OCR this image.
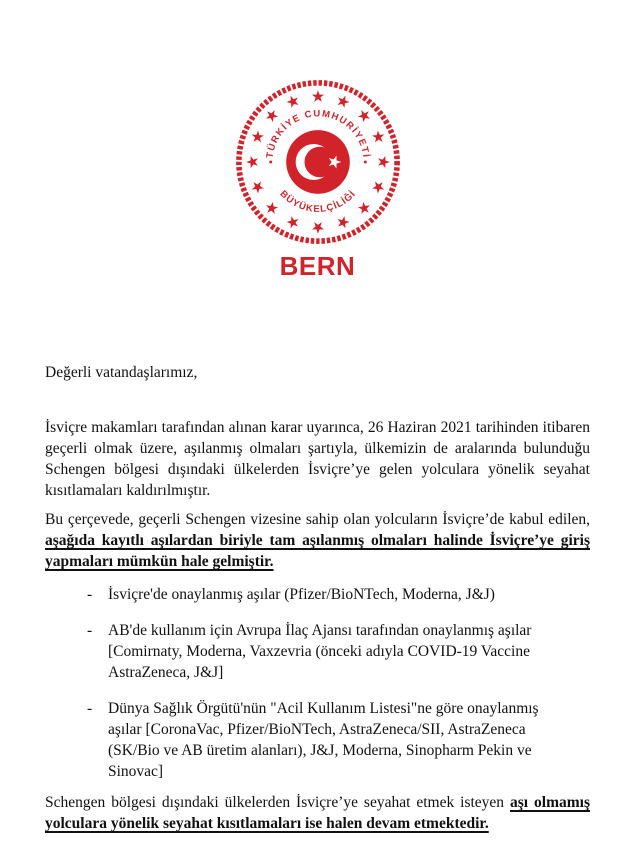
TÜRKİYE CUMHURİYETİ
BÜYÜKELÇİLİĞİ
BERN

Değerli vatandaşlarımız,

İsviçre makamları tarafından alınan karar uyarınca, 26 Haziran 2021 tarihinden itibaren geçerli olmak üzere, aşılanmış olmaları şartıyla, ülkemizin de aralarında bulunduğu Schengen bölgesi dışındaki ülkelerden İsviçre’ye gelen yolculara yönelik seyahat kısıtlamaları kaldırılmıştır.

Bu çerçevede, geçerli Schengen vizesine sahip olan yolcuların İsviçre’de kabul edilen, aşağıda kayıtlı aşılardan biriyle tam aşılanmış olmaları halinde İsviçre’ye giriş yapmaları mümkün hale gelmiştir.

-	İsviçre'de onaylanmış aşılar (Pfizer/BioNTech, Moderna, J&J)
-	AB'de kullanım için Avrupa İlaç Ajansı tarafından onaylanmış aşılar [Comirnaty, Moderna, Vaxzevria (önceki adıyla COVID-19 Vaccine AstraZeneca, J&J]
-	Dünya Sağlık Örgütü'nün "Acil Kullanım Listesi"ne göre onaylanmış aşılar [CoronaVac, Pfizer/BioNTech, AstraZeneca/SII, AstraZeneca (SK/Bio ve AB üretim alanları), J&J, Moderna, Sinopharm Pekin ve Sinovac]

Schengen bölgesi dışındaki ülkelerden İsviçre’ye seyahat etmek isteyen aşı olmamış yolculara yönelik seyahat kısıtlamaları ise halen devam etmektedir.
